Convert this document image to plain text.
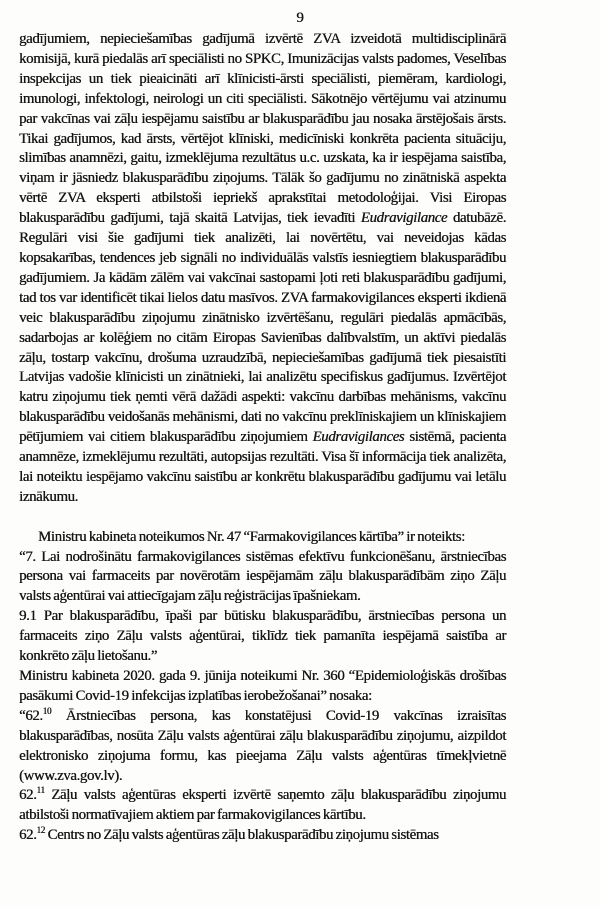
9

gadījumiem, nepieciešamības gadījumā izvērtē ZVA izveidotā multidisciplinārā komisijā, kurā piedalās arī speciālisti no SPKC, Imunizācijas valsts padomes, Veselības inspekcijas un tiek pieaicināti arī klīnicisti-ārsti speciālisti, piemēram, kardiologi, imunologi, infektologi, neirologi un citi speciālisti. Sākotnējo vērtējumu vai atzinumu par vakcīnas vai zāļu iespējamu saistību ar blakusparādību jau nosaka ārstējošais ārsts. Tikai gadījumos, kad ārsts, vērtējot klīniski, medicīniski konkrēta pacienta situāciju, slimības anamnēzi, gaitu, izmeklējuma rezultātus u.c. uzskata, ka ir iespējama saistība, viņam ir jāsniedz blakusparādību ziņojums. Tālāk šo gadījumu no zinātniskā aspekta vērtē ZVA eksperti atbilstoši iepriekš aprakstītai metodoloģijai. Visi Eiropas blakusparādību gadījumi, tajā skaitā Latvijas, tiek ievadīti Eudravigilance datubāzē. Regulāri visi šie gadījumi tiek analizēti, lai novērtētu, vai neveidojas kādas kopsakarības, tendences jeb signāli no individuālās valstīs iesniegtiem blakusparādību gadījumiem. Ja kādām zālēm vai vakcīnai sastopami ļoti reti blakusparādību gadījumi, tad tos var identificēt tikai lielos datu masīvos. ZVA farmakovigilances eksperti ikdienā veic blakusparādību ziņojumu zinātnisko izvērtēšanu, regulāri piedalās apmācībās, sadarbojas ar kolēģiem no citām Eiropas Savienības dalībvalstīm, un aktīvi piedalās zāļu, tostarp vakcīnu, drošuma uzraudzībā, nepieciešamības gadījumā tiek piesaistīti Latvijas vadošie klīnicisti un zinātnieki, lai analizētu specifiskus gadījumus. Izvērtējot katru ziņojumu tiek ņemti vērā dažādi aspekti: vakcīnu darbības mehānisms, vakcīnu blakusparādību veidošanās mehānismi, dati no vakcīnu preklīniskajiem un klīniskajiem pētījumiem vai citiem blakusparādību ziņojumiem Eudravigilances sistēmā, pacienta anamnēze, izmeklējumu rezultāti, autopsijas rezultāti. Visa šī informācija tiek analizēta, lai noteiktu iespējamo vakcīnu saistību ar konkrētu blakusparādību gadījumu vai letālu iznākumu.

Ministru kabineta noteikumos Nr. 47 “Farmakovigilances kārtība” ir noteikts:

“7. Lai nodrošinātu farmakovigilances sistēmas efektīvu funkcionēšanu, ārstniecības persona vai farmaceits par novērotām iespējamām zāļu blakusparādībām ziņo Zāļu valsts aģentūrai vai attiecīgajam zāļu reģistrācijas īpašniekam.

9.1 Par blakusparādību, īpaši par būtisku blakusparādību, ārstniecības persona un farmaceits ziņo Zāļu valsts aģentūrai, tiklīdz tiek pamanīta iespējamā saistība ar konkrēto zāļu lietošanu.”

Ministru kabineta 2020. gada 9. jūnija noteikumi Nr. 360 “Epidemioloģiskās drošības pasākumi Covid-19 infekcijas izplatības ierobežošanai” nosaka:

“62.10 Ārstniecības persona, kas konstatējusi Covid-19 vakcīnas izraisītas blakusparādības, nosūta Zāļu valsts aģentūrai zāļu blakusparādību ziņojumu, aizpildot elektronisko ziņojuma formu, kas pieejama Zāļu valsts aģentūras tīmekļvietnē (www.zva.gov.lv).

62.11 Zāļu valsts aģentūras eksperti izvērtē saņemto zāļu blakusparādību ziņojumu atbilstoši normatīvajiem aktiem par farmakovigilances kārtību.

62.12 Centrs no Zāļu valsts aģentūras zāļu blakusparādību ziņojumu sistēmas
